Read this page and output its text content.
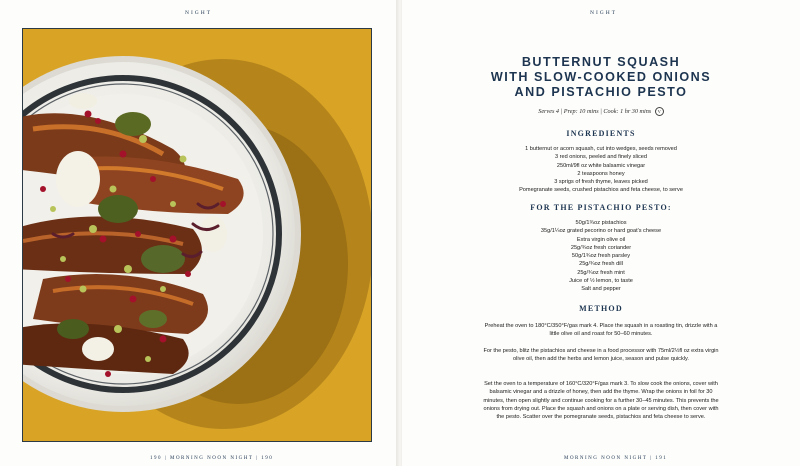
NIGHT
190 | MORNING NOON NIGHT | 190
NIGHT
BUTTERNUT SQUASH
WITH SLOW-COOKED ONIONS
AND PISTACHIO PESTO
Serves 4 | Prep: 10 mins | Cook: 1 hr 30 mins V
INGREDIENTS
1 butternut or acorn squash, cut into wedges, seeds removed
3 red onions, peeled and finely sliced
250ml/9fl oz white balsamic vinegar
2 teaspoons honey
3 sprigs of fresh thyme, leaves picked
Pomegranate seeds, crushed pistachios and feta cheese, to serve
FOR THE PISTACHIO PESTO:
50g/1¾oz pistachios
35g/1¼oz grated pecorino or hard goat's cheese
Extra virgin olive oil
25g/¾oz fresh coriander
50g/1¾oz fresh parsley
25g/¾oz fresh dill
25g/¾oz fresh mint
Juice of ½ lemon, to taste
Salt and pepper
METHOD
Preheat the oven to 180°C/350°F/gas mark 4. Place the squash in a roasting tin, drizzle with a little olive oil and roast for 50–60 minutes.
For the pesto, blitz the pistachios and cheese in a food processor with 75ml/2½fl oz extra virgin olive oil, then add the herbs and lemon juice, season and pulse quickly.
Set the oven to a temperature of 160°C/320°F/gas mark 3. To slow cook the onions, cover with balsamic vinegar and a drizzle of honey, then add the thyme. Wrap the onions in foil for 30 minutes, then open slightly and continue cooking for a further 30–45 minutes. This prevents the onions from drying out. Place the squash and onions on a plate or serving dish, then cover with the pesto. Scatter over the pomegranate seeds, pistachios and feta cheese to serve.
MORNING NOON NIGHT | 191
